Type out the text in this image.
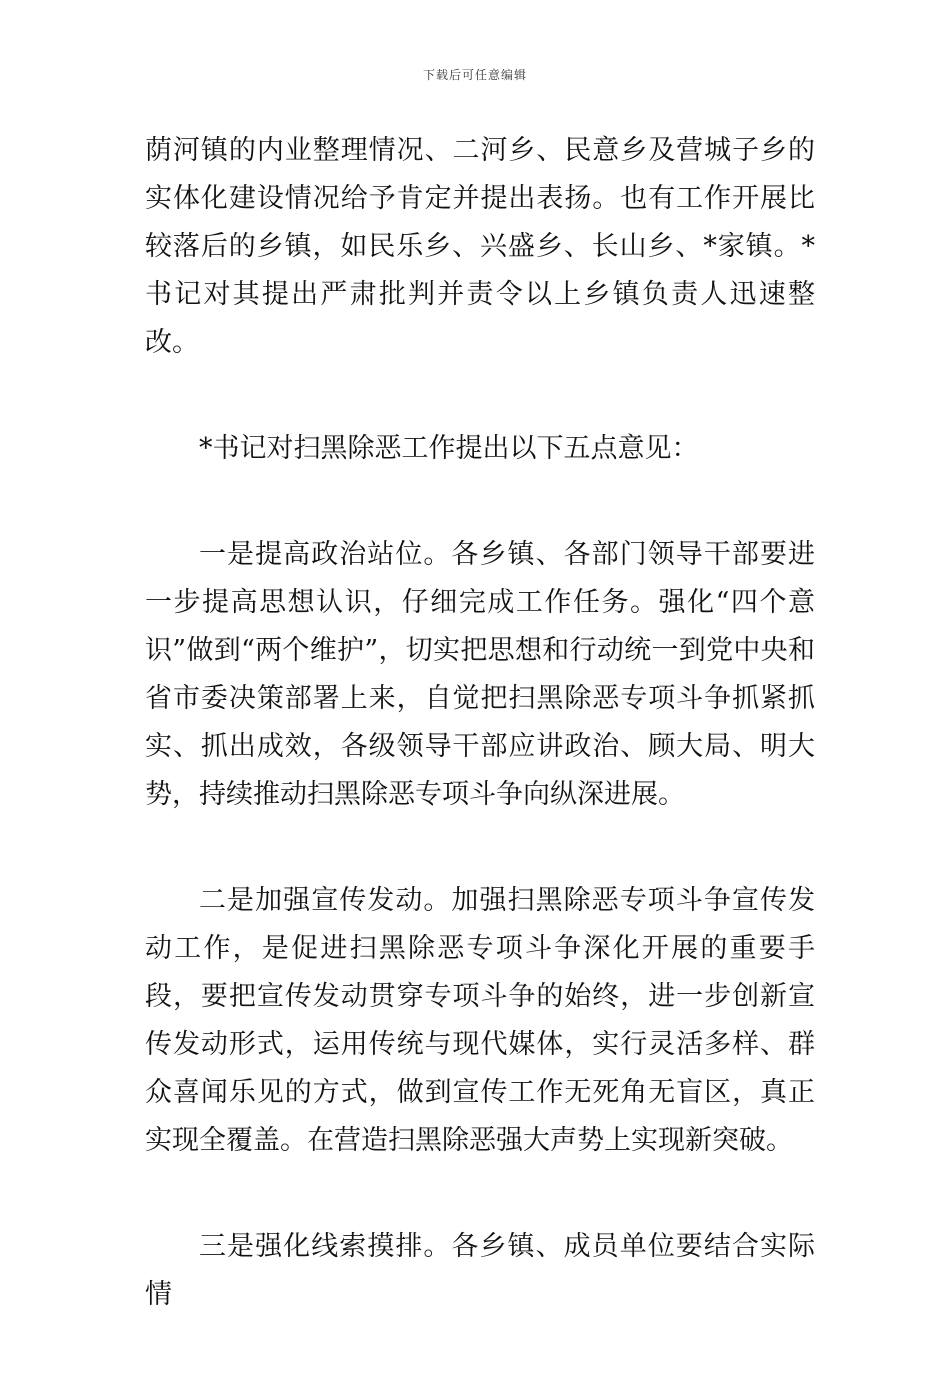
下载后可任意编辑

荫河镇的内业整理情况、二河乡、民意乡及营城子乡的实体化建设情况给予肯定并提出表扬。也有工作开展比较落后的乡镇，如民乐乡、兴盛乡、长山乡、*家镇。*书记对其提出严肃批判并责令以上乡镇负责人迅速整改。

*书记对扫黑除恶工作提出以下五点意见：

一是提高政治站位。各乡镇、各部门领导干部要进一步提高思想认识，仔细完成工作任务。强化“四个意识”做到“两个维护”，切实把思想和行动统一到党中央和省市委决策部署上来，自觉把扫黑除恶专项斗争抓紧抓实、抓出成效，各级领导干部应讲政治、顾大局、明大势，持续推动扫黑除恶专项斗争向纵深进展。

二是加强宣传发动。加强扫黑除恶专项斗争宣传发动工作，是促进扫黑除恶专项斗争深化开展的重要手段，要把宣传发动贯穿专项斗争的始终，进一步创新宣传发动形式，运用传统与现代媒体，实行灵活多样、群众喜闻乐见的方式，做到宣传工作无死角无盲区，真正实现全覆盖。在营造扫黑除恶强大声势上实现新突破。

三是强化线索摸排。各乡镇、成员单位要结合实际情
